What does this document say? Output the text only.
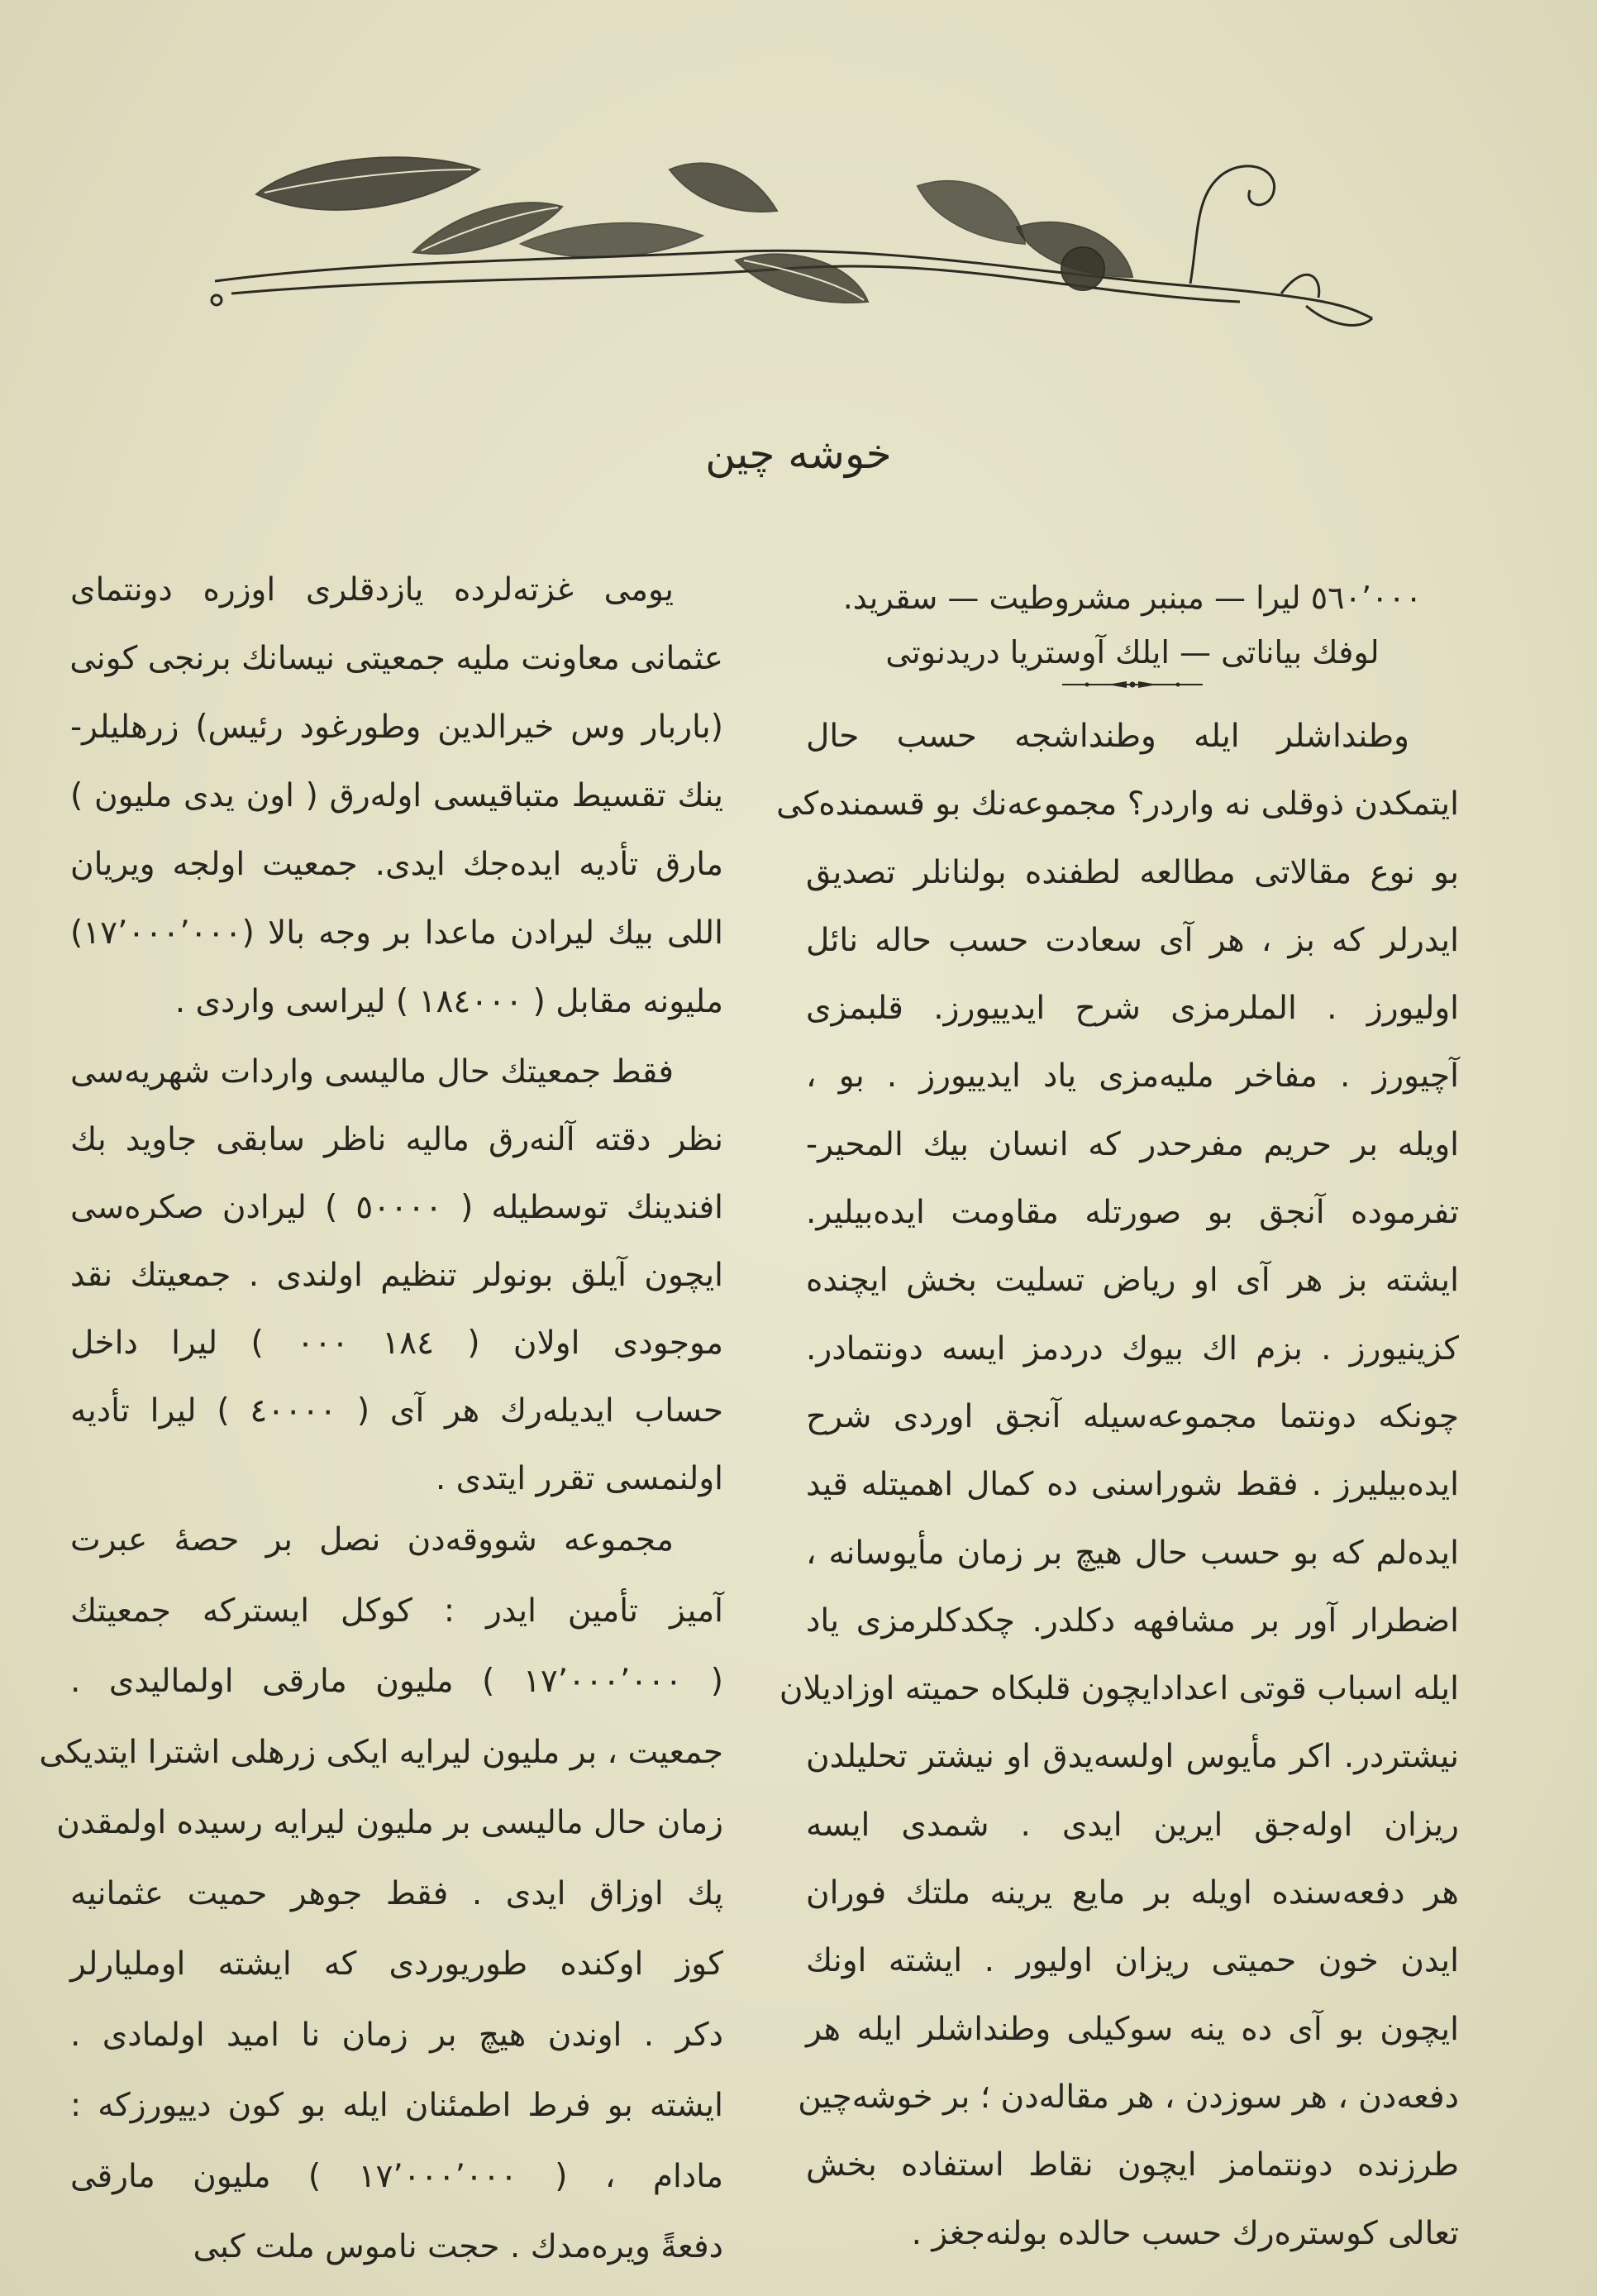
خوشه چین
یومی غزته‌لرده یازدقلری اوزره دونتمای
عثمانی معاونت ملیه جمعیتی نیسانك برنجی كونی
(باربار وس خیرالدین وطورغود رئیس) زرهلیلر-
ینك تقسیط متباقیسی اوله‌رق ( اون یدی ملیون )
مارق تأدیه ایده‌جك ایدی. جمعیت اولجه ویریان
اللی بیك لیرادن ماعدا بر وجه بالا (١٧٬٠٠٠٬٠٠٠)
ملیونه مقابل ( ١٨٤٠٠٠ ) لیراسی واردی .
فقط جمعیتك حال مالیسی واردات شهریه‌سی
نظر دقته آلنه‌رق مالیه ناظر سابقی جاوید بك
افندینك توسطیله ( ٥٠٠٠٠ ) لیرادن صكره‌سی
ایچون آیلق بونولر تنظیم اولندی . جمعیتك نقد
موجودی اولان ( ١٨٤ ٠٠٠ ) لیرا داخل
حساب ایدیله‌رك هر آی ( ٤٠٠٠٠ ) لیرا تأدیه
اولنمسی تقرر ایتدی .
مجموعه شووقه‌دن نصل بر حصهٔ عبرت
آمیز تأمین ایدر : كوكل ایسترکه جمعیتك
( ١٧٬٠٠٠٬٠٠٠ ) ملیون مارقی اولمالیدی .
جمعیت ، بر ملیون لیرایه ایكی زرهلی اشترا ایتدیكی
زمان حال مالیسی بر ملیون لیرایه رسیده اولمقدن
پك اوزاق ایدی . فقط جوهر حمیت عثمانیه
كوز اوكنده طوریوردی كه ایشته اوملیارلر
دكر . اوندن هیچ بر زمان نا امید اولمادی .
ایشته بو فرط اطمئنان ایله بو كون دییورزكه :
مادام ، ( ١٧٬٠٠٠٬٠٠٠ ) ملیون مارقی
دفعةً ویره‌مدك . حجت ناموس ملت كبی
٥٦٠٬٠٠٠ لیرا — مبنبر مشروطیت — سقرید.
لوفك بیاناتی — ایلك آوستریا دریدنوتی
وطنداشلر ایله وطنداشجه حسب حال
ایتمكدن ذوقلی نه واردر؟ مجموعه‌نك بو قسمنده‌كی
بو نوع مقالاتی مطالعه لطفنده بولنانلر تصدیق
ایدرلر كه بز ، هر آی سعادت حسب حاله نائل
اولیورز . الملرمزی شرح ایدییورز. قلبمزی
آچیورز . مفاخر ملیه‌مزی یاد ایدییورز . بو ،
اویله بر حریم مفرحدر كه انسان بیك المحیر-
تفرموده آنجق بو صورتله مقاومت ایده‌بیلیر.
ایشته بز هر آی او ریاض تسلیت بخش ایچنده
كزینیورز . بزم اك بیوك دردمز ایسه دونتمادر.
چونكه دونتما مجموعه‌سیله آنجق اوردی شرح
ایده‌بیلیرز . فقط شوراسنی ده كمال اهمیتله قید
ایده‌لم كه بو حسب حال هیچ بر زمان مأیوسانه ،
اضطرار آور بر مشافهه دكلدر. چكدكلرمزی یاد
ایله اسباب قوتی اعدادایچون قلبكاه حمیته اوزادیلان
نیشتردر. اكر مأیوس اولسه‌یدق او نیشتر تحلیلدن
ریزان اوله‌جق ایرین ایدی . شمدی ایسه
هر دفعه‌سنده اویله بر مایع یرینه ملتك فوران
ایدن خون حمیتی ریزان اولیور . ایشته اونك
ایچون بو آی ده ینه سوكیلی وطنداشلر ایله هر
دفعه‌دن ، هر سوزدن ، هر مقاله‌دن ؛ بر خوشه‌چین
طرزنده دونتمامز ایچون نقاط استفاده بخش
تعالی كوستره‌رك حسب حالده بولنه‌جغز .
